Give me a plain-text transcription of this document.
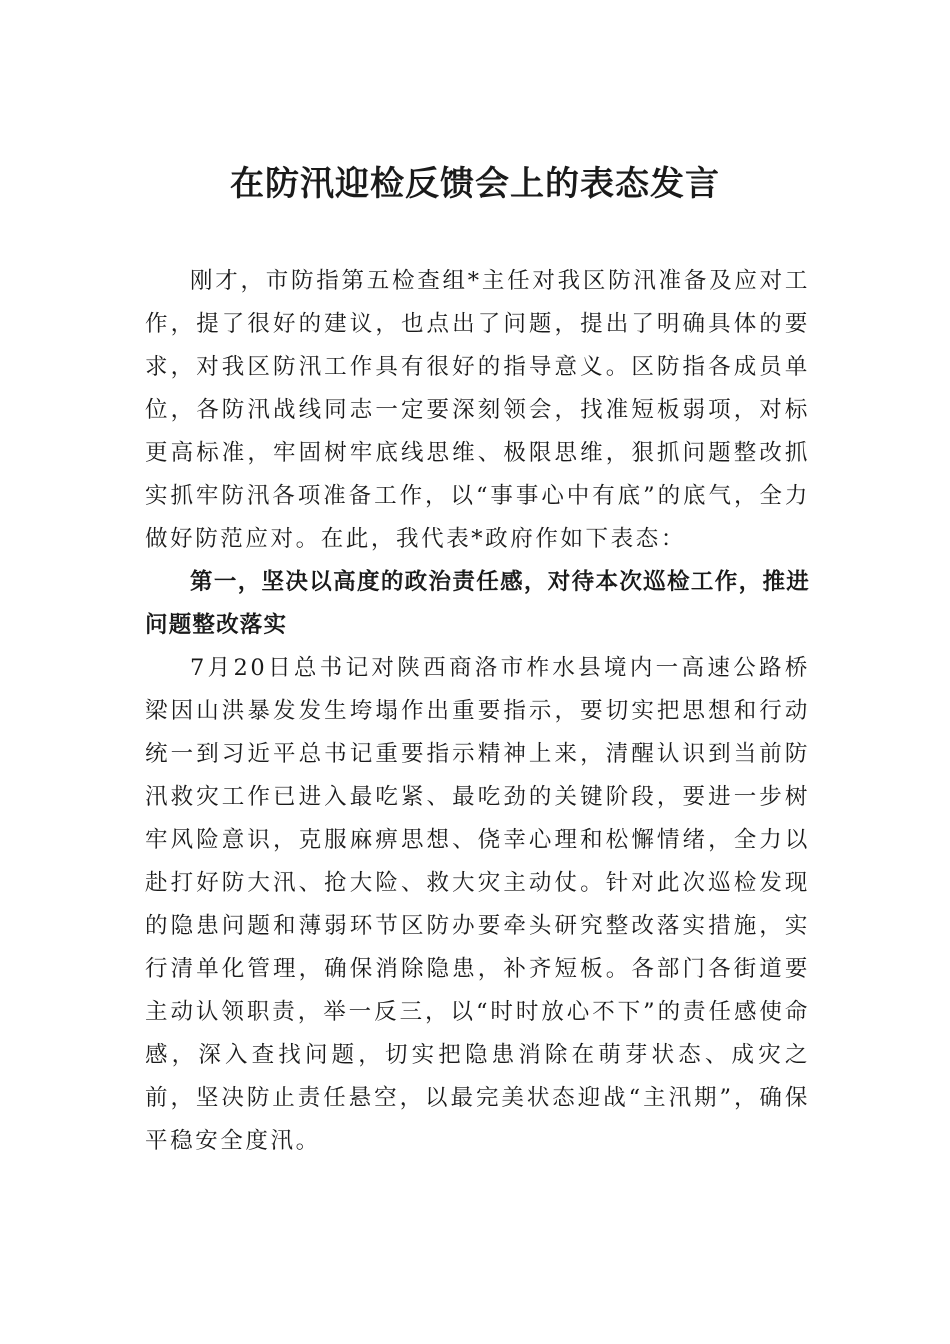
在防汛迎检反馈会上的表态发言

刚才，市防指第五检查组*主任对我区防汛准备及应对工作，提了很好的建议，也点出了问题，提出了明确具体的要求，对我区防汛工作具有很好的指导意义。区防指各成员单位，各防汛战线同志一定要深刻领会，找准短板弱项，对标更高标准，牢固树牢底线思维、极限思维，狠抓问题整改抓实抓牢防汛各项准备工作，以“事事心中有底”的底气，全力做好防范应对。在此，我代表*政府作如下表态：

第一，坚决以高度的政治责任感，对待本次巡检工作，推进问题整改落实

7月20日总书记对陕西商洛市柞水县境内一高速公路桥梁因山洪暴发发生垮塌作出重要指示，要切实把思想和行动统一到习近平总书记重要指示精神上来，清醒认识到当前防汛救灾工作已进入最吃紧、最吃劲的关键阶段，要进一步树牢风险意识，克服麻痹思想、侥幸心理和松懈情绪，全力以赴打好防大汛、抢大险、救大灾主动仗。针对此次巡检发现的隐患问题和薄弱环节区防办要牵头研究整改落实措施，实行清单化管理，确保消除隐患，补齐短板。各部门各街道要主动认领职责，举一反三，以“时时放心不下”的责任感使命感，深入查找问题，切实把隐患消除在萌芽状态、成灾之前，坚决防止责任悬空，以最完美状态迎战“主汛期”，确保平稳安全度汛。
